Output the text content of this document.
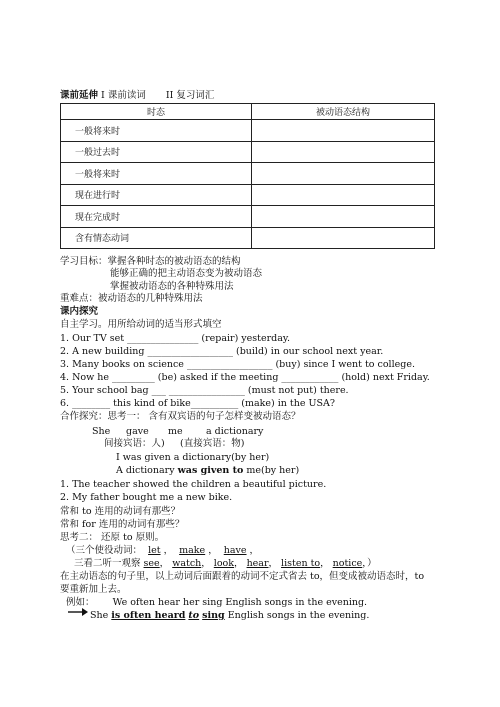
课前延伸 I 课前读词 II 复习词汇
时态	被动语态结构
一般将来时	
一般过去时	
一般将来时	
现在进行时	
现在完成时	
含有情态动词	
学习目标：掌握各种时态的被动语态的结构
能够正确的把主动语态变为被动语态
掌握被动语态的各种特殊用法
重难点：被动语态的几种特殊用法
课内探究
自主学习。用所给动词的适当形式填空
1. Our TV set _______________ (repair) yesterday.
2. A new building __________________ (build) in our school next year.
3. Many books on science __________________ (buy) since I went to college.
4. Now he _________ (be) asked if the meeting ____________ (hold) next Friday.
5. Your school bag ___ ________________ (must not put) there.
6. ________ this kind of bike__________ (make) in the USA?
合作探究：思考一： 含有双宾语的句子怎样变被动语态？
She gave me a dictionary
间接宾语：人) (直接宾语：物)
I was given a dictionary(by her)
A dictionary was given to me(by her)
1. The teacher showed the children a beautiful picture.
2. My father bought me a new bike.
常和 to 连用的动词有那些？
常和 for 连用的动词有那些？
思考二： 还原 to 原则。
（三个使役动词： let ，  make ，  have ，
三看二听一观察 see， watch， look， hear， listen to， notice，）
在主动语态的句子里，以上动词后面跟着的动词不定式省去 to，但变成被动语态时，to
要重新加上去。
例如： We often hear her sing English songs in the evening.
She is often heard to sing English songs in the evening.
